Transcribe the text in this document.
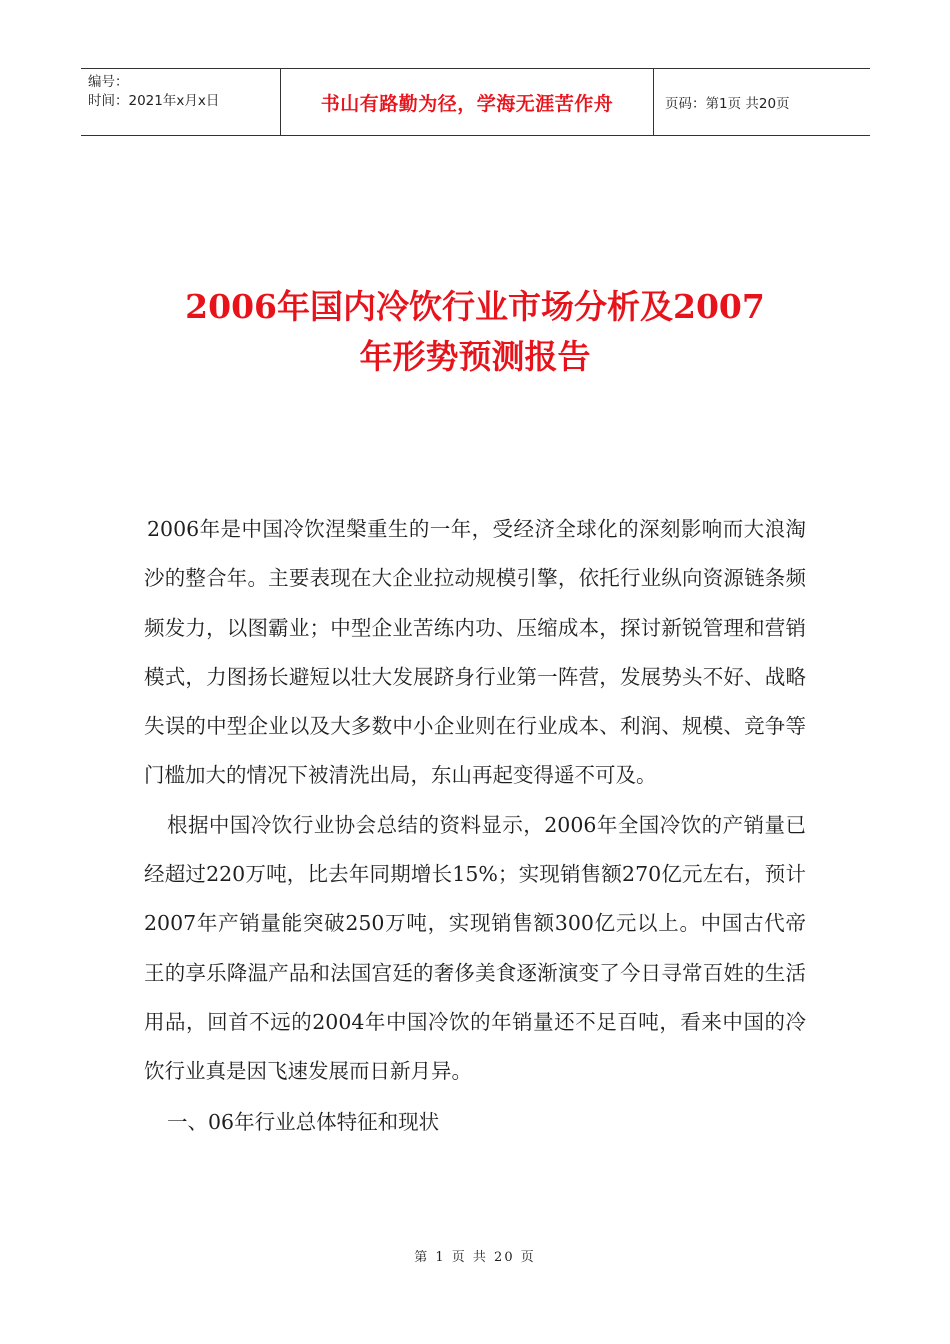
编号：
时间：2021年x月x日	书山有路勤为径，学海无涯苦作舟	页码：第1页 共20页
2006年国内冷饮行业市场分析及2007
年形势预测报告

2006年是中国冷饮涅槃重生的一年，受经济全球化的深刻影响而大浪淘沙的整合年。主要表现在大企业拉动规模引擎，依托行业纵向资源链条频频发力，以图霸业；中型企业苦练内功、压缩成本，探讨新锐管理和营销模式，力图扬长避短以壮大发展跻身行业第一阵营，发展势头不好、战略失误的中型企业以及大多数中小企业则在行业成本、利润、规模、竞争等门槛加大的情况下被清洗出局，东山再起变得遥不可及。

根据中国冷饮行业协会总结的资料显示，2006年全国冷饮的产销量已经超过220万吨，比去年同期增长15%；实现销售额270亿元左右，预计2007年产销量能突破250万吨，实现销售额300亿元以上。中国古代帝王的享乐降温产品和法国宫廷的奢侈美食逐渐演变了今日寻常百姓的生活用品，回首不远的2004年中国冷饮的年销量还不足百吨，看来中国的冷饮行业真是因飞速发展而日新月异。

一、06年行业总体特征和现状

第 1 页 共 20 页
